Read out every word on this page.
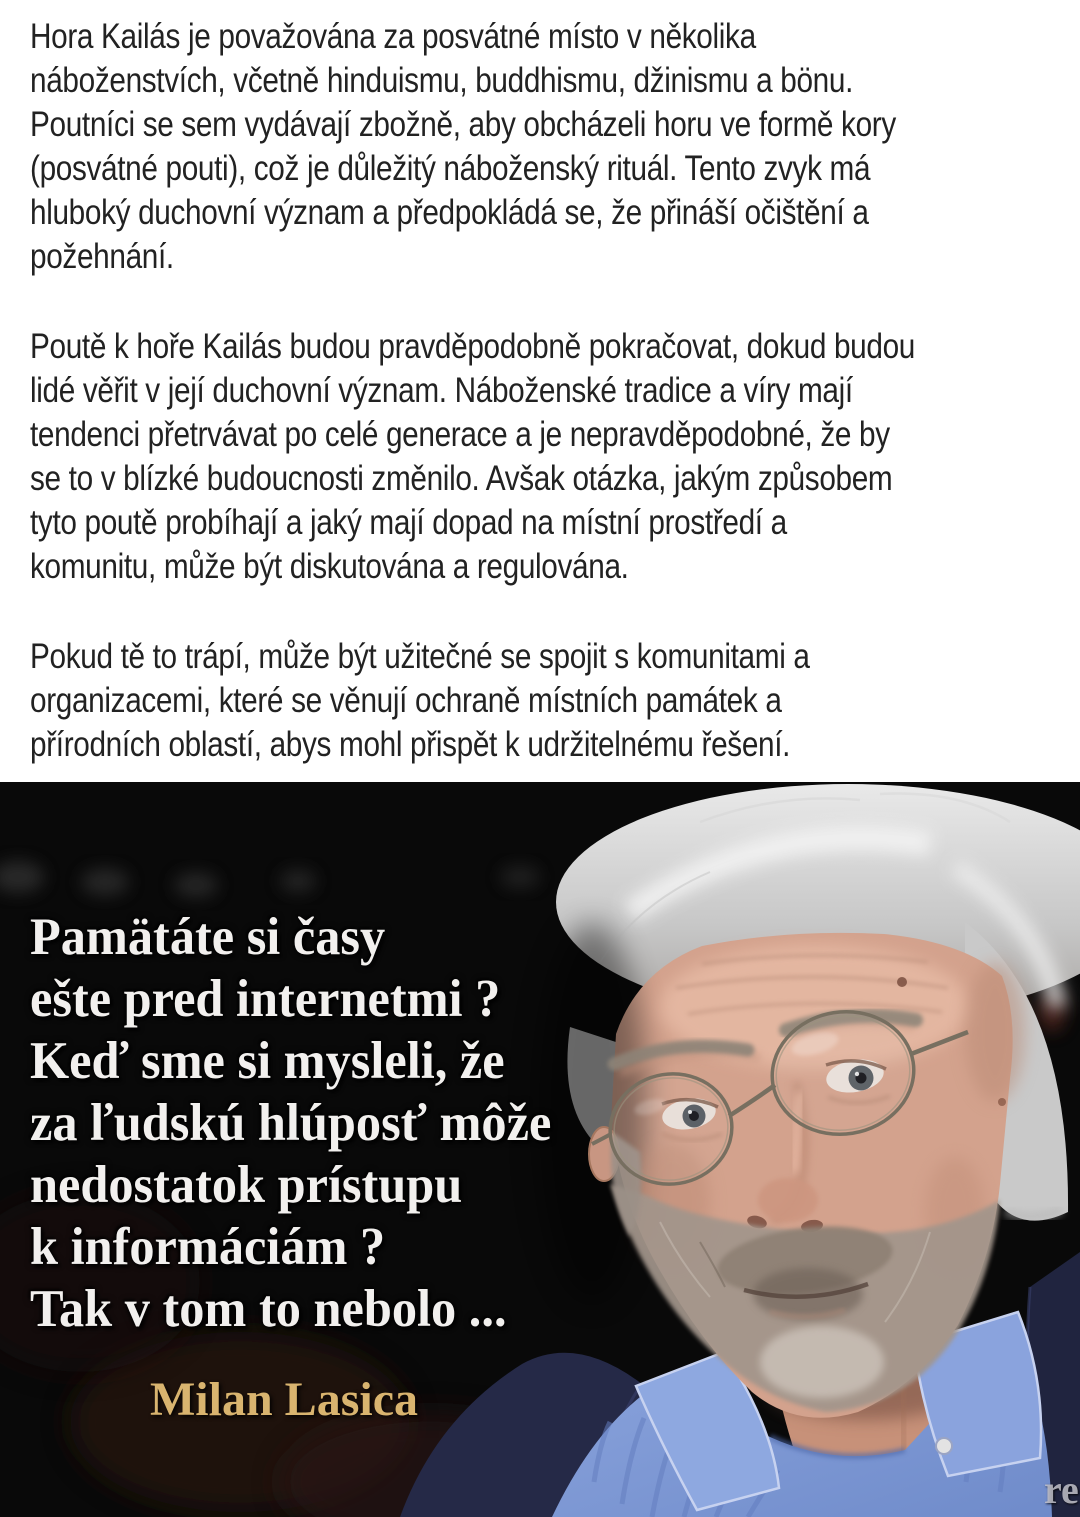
Hora Kailás je považována za posvátné místo v několika
náboženstvích, včetně hinduismu, buddhismu, džinismu a bönu.
Poutníci se sem vydávají zbožně, aby obcházeli horu ve formě kory
(posvátné pouti), což je důležitý náboženský rituál. Tento zvyk má
hluboký duchovní význam a předpokládá se, že přináší očištění a
požehnání.
Poutě k hoře Kailás budou pravděpodobně pokračovat, dokud budou
lidé věřit v její duchovní význam. Náboženské tradice a víry mají
tendenci přetrvávat po celé generace a je nepravděpodobné, že by
se to v blízké budoucnosti změnilo. Avšak otázka, jakým způsobem
tyto poutě probíhají a jaký mají dopad na místní prostředí a
komunitu, může být diskutována a regulována.
Pokud tě to trápí, může být užitečné se spojit s komunitami a
organizacemi, které se věnují ochraně místních památek a
přírodních oblastí, abys mohl přispět k udržitelnému řešení.
Pamätáte si časy
ešte pred internetmi ?
Keď sme si mysleli, že
za ľudskú hlúposť môže
nedostatok prístupu
k informáciám ?
Tak v tom to nebolo ...
Milan Lasica
re
